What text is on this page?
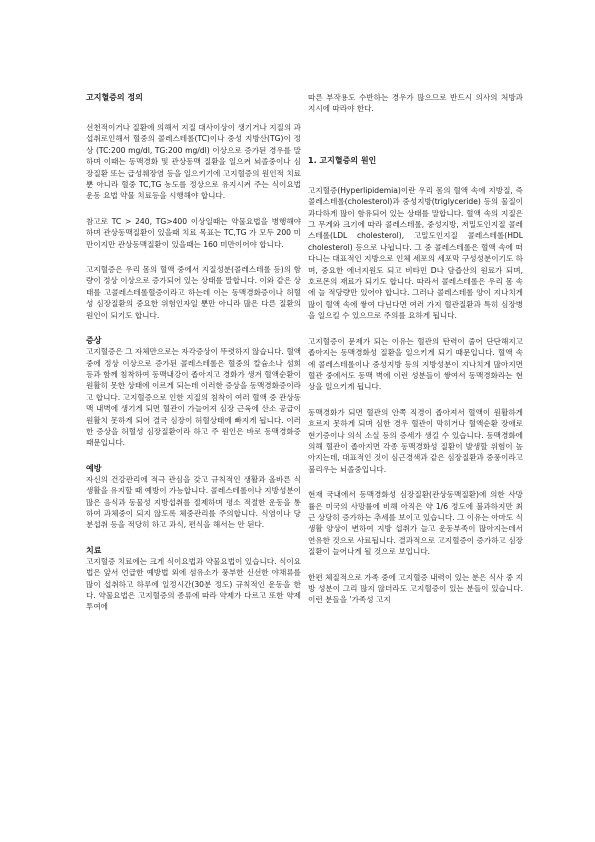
고지혈증의 정의

선천적이거나 질환에 의해서 지질 대사이상이 생기거나 지질의 과섭취로인해서 혈중의 콜레스테롤(TC)이나 중성 지방산(TG)이 정상 (TC:200 mg/dl, TG:200 mg/dl) 이상으로 증가된 경우를 말하며 이때는 동맥경화 및 관상동맥 질환을 일으켜 뇌졸중이나 심장질환 또는 급성췌장염 등을 일으키기에 고지혈증의 원인적 치료뿐 아니라 혈중 TC,TG 농도를 정상으로 유지시켜 주는 식이요법 운동 요법 약물 치료등을 시행해야 합니다.

참고로 TC > 240, TG>400 이상일때는 약물요법을 병행해야 하며 관상동맥질환이 있을때 치료 목표는 TC,TG 가 모두 200 미만이지만 관상동맥질환이 있을때는 160 미만이어야 합니다.

고지혈증은 우리 몸의 혈액 중에서 지질성분(콜레스테롤 등)의 함량이 정상 이상으로 증가되어 있는 상태를 말합니다. 이와 같은 상태를 고콜레스테롤혈증이라고 하는데 이는 동맥경화증이나 허혈성 심장질환의 중요한 위험인자일 뿐만 아니라 많은 다른 질환의 원인이 되기도 합니다.

증상

고지혈증은 그 자체만으로는 자각증상이 뚜렷하지 않습니다. 혈액 중에 정상 이상으로 증가된 콜레스테롤은 혈중의 칼슘소나 섬희 등과 함께 침착하여 동맥내강이 좁아지고 경화가 생겨 혈액순환이 원활히 못한 상태에 이르게 되는데 이러한 증상을 동맥경화증이라고 합니다. 고지혈증으로 인한 지질의 침착이 여러 혈액 중 관상동맥 내벽에 생기게 되면 혈관이 가늘어져 심장 근육에 산소 공급이 원활치 못하게 되어 결국 심장이 허혈상태에 빠지게 됩니다. 이러한 증상을 허혈성 심장질환이라 하고 주 원인은 바로 동맥경화증 때문입니다.

예방

자신의 건강관리에 적극 관심을 갖고 규칙적인 생활과 올바른 식생활을 유지할 때 예방이 가능합니다. 콜레스테롤이나 지방성분이 많은 음식과 동물성 지방섭취를 절제하며 평소 적절한 운동을 통하여 과체중이 되지 않도록 체중관리를 주의합니다. 식염이나 당분섭취 등을 적당히 하고 과식, 편식을 해서는 안 된다.

치료

고지혈증 치료에는 크게 식이요법과 약물요법이 있습니다. 식이요법은 앞서 언급한 예방법 외에 섬유소가 풍부한 신선한 야채류를 많이 섭취하고 하루에 일정시간(30분 정도) 규칙적인 운동을 한다. 약물요법은 고지혈증의 종류에 따라 약제가 다르고 또한 약제 투여에

따른 부작용도 수반하는 경우가 많으므로 반드시 의사의 처방과 지시에 따라야 한다.

1. 고지혈증의 원인

고지혈증(Hyperlipidemia)이란 우리 몸의 혈액 속에 지방질, 즉 콜레스테롤(cholesterol)과 중성지방(triglyceride) 등의 물질이 과다하게 많이 함유되어 있는 상태를 말합니다. 혈액 속의 지질은 그 무게와 크기에 따라 콜레스테롤, 중성지방, 저밀도인지질 콜레스테롤(LDL cholesterol), 고밀도인지질 콜레스테롤(HDL cholesterol) 등으로 나뉩니다. 그 중 콜레스테롤은 혈액 속에 떠다니는 대표적인 지방으로 인체 세포의 세포막 구성성분이기도 하며, 중요한 에너지원도 되고 비타민 D나 담즙산의 원료가 되며, 호르몬의 재료가 되기도 합니다. 따라서 콜레스테롤은 우리 몸 속에 늘 적당량만 있어야 합니다. 그러나 콜레스테롤 양이 지나치게 많이 혈액 속에 쌓여 다닌다면 여러 가지 혈관질환과 특히 심장병을 일으킬 수 있으므로 주의를 요하게 됩니다.

고지혈증이 문제가 되는 이유는 혈관의 탄력이 줄어 단단해지고 좁아지는 동맥경화성 질환을 일으키게 되기 때문입니다. 혈액 속에 콜레스테롤이나 중성지방 등의 지방성분이 지나치게 많아지면 혈관 중에서도 동맥 벽에 이런 성분들이 쌓여서 동맥경화라는 현상을 일으키게 됩니다.

동맥경화가 되면 혈관의 안쪽 직경이 좁아져서 혈액이 원활하게 흐르지 못하게 되며 심한 경우 혈관이 막히거나 혈액순환 장애로 현기증이나 의식 소실 등의 증세가 생길 수 있습니다. 동맥경화에 의해 혈관이 좁아지면 각종 동맥경화성 질환이 발생할 위험이 높아지는데, 대표적인 것이 심근경색과 같은 심장질환과 중풍이라고 불리우는 뇌졸중입니다.

현재 국내에서 동맥경화성 심장질환(관상동맥질환)에 의한 사망률은 미국의 사망률에 비해 아직은 약 1/6 정도에 불과하지만 최근 상당히 증가하는 추세를 보이고 있습니다. 그 이유는 아마도 식생활 양상이 변하여 지방 섭취가 늘고 운동부족이 많아지는데서 연유한 것으로 사료됩니다. 결과적으로 고지혈증이 증가하고 심장질환이 늘어나게 될 것으로 보입니다.

한편 체질적으로 가족 중에 고지혈증 내력이 있는 분은 식사 중 지방 성분이 그리 많지 않더라도 고지혈증이 있는 분들이 있습니다. 이런 분들을 '가족성 고지
